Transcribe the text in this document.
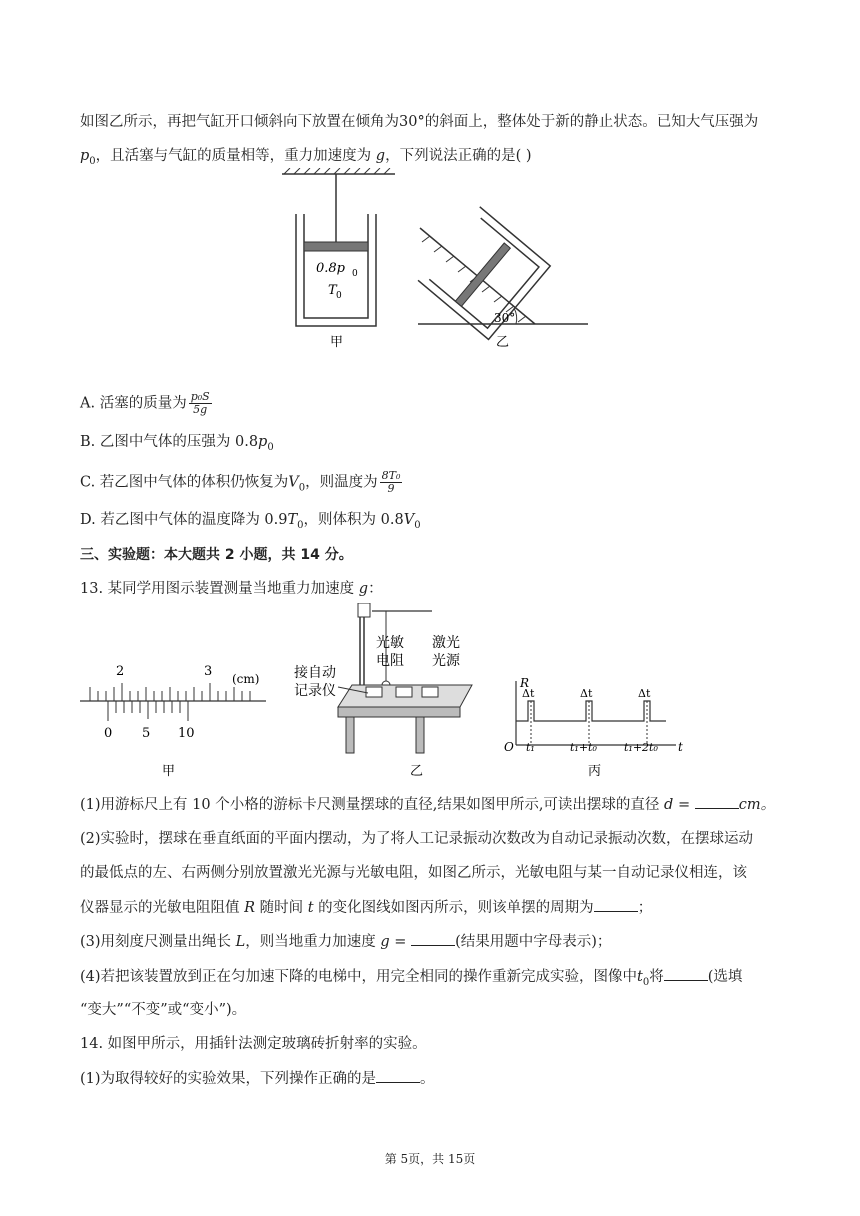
如图乙所示，再把气缸开口倾斜向下放置在倾角为30°的斜面上，整体处于新的静止状态。已知大气压强为
$p_0$，且活塞与气缸的质量相等，重力加速度为 g，下列说法正确的是( )
0.8p 0
T 0
甲
30°
乙
A. 活塞的质量为 $\frac{\text{p₀S}}{5g}$
B. 乙图中气体的压强为 $0.8p_0$
C. 若乙图中气体的体积仍恢复为$V_0$，则温度为 $\frac{\text{8T₀}}{9}$
D. 若乙图中气体的温度降为 $0.9T_0$，则体积为 $0.8V_0$
三、实验题：本大题共 2 小题，共 14 分。
13. 某同学用图示装置测量当地重力加速度 g：
2	3 (cm)
0 5 10
甲
光敏
电阻
激光
光源
接自动
记录仪
乙
R
O	t
Δt	Δt	Δt
t₁	t₁+t₀ t₁+2t₀
丙
(1)用游标尺上有 10 个小格的游标卡尺测量摆球的直径,结果如图甲所示,可读出摆球的直径 d =	cm。
(2)实验时，摆球在垂直纸面的平面内摆动，为了将人工记录振动次数改为自动记录振动次数，在摆球运动
的最低点的左、右两侧分别放置激光光源与光敏电阻，如图乙所示，光敏电阻与某一自动记录仪相连，该
仪器显示的光敏电阻阻值 R 随时间 t 的变化图线如图丙所示，则该单摆的周期为	；
(3)用刻度尺测量出绳长 L，则当地重力加速度 g =	(结果用题中字母表示)；
(4)若把该装置放到正在匀加速下降的电梯中，用完全相同的操作重新完成实验，图像中$t_0$将	(选填
“变大”“不变”或“变小”)。
14. 如图甲所示，用插针法测定玻璃砖折射率的实验。
(1)为取得较好的实验效果，下列操作正确的是	。
第 5页，共 15页
